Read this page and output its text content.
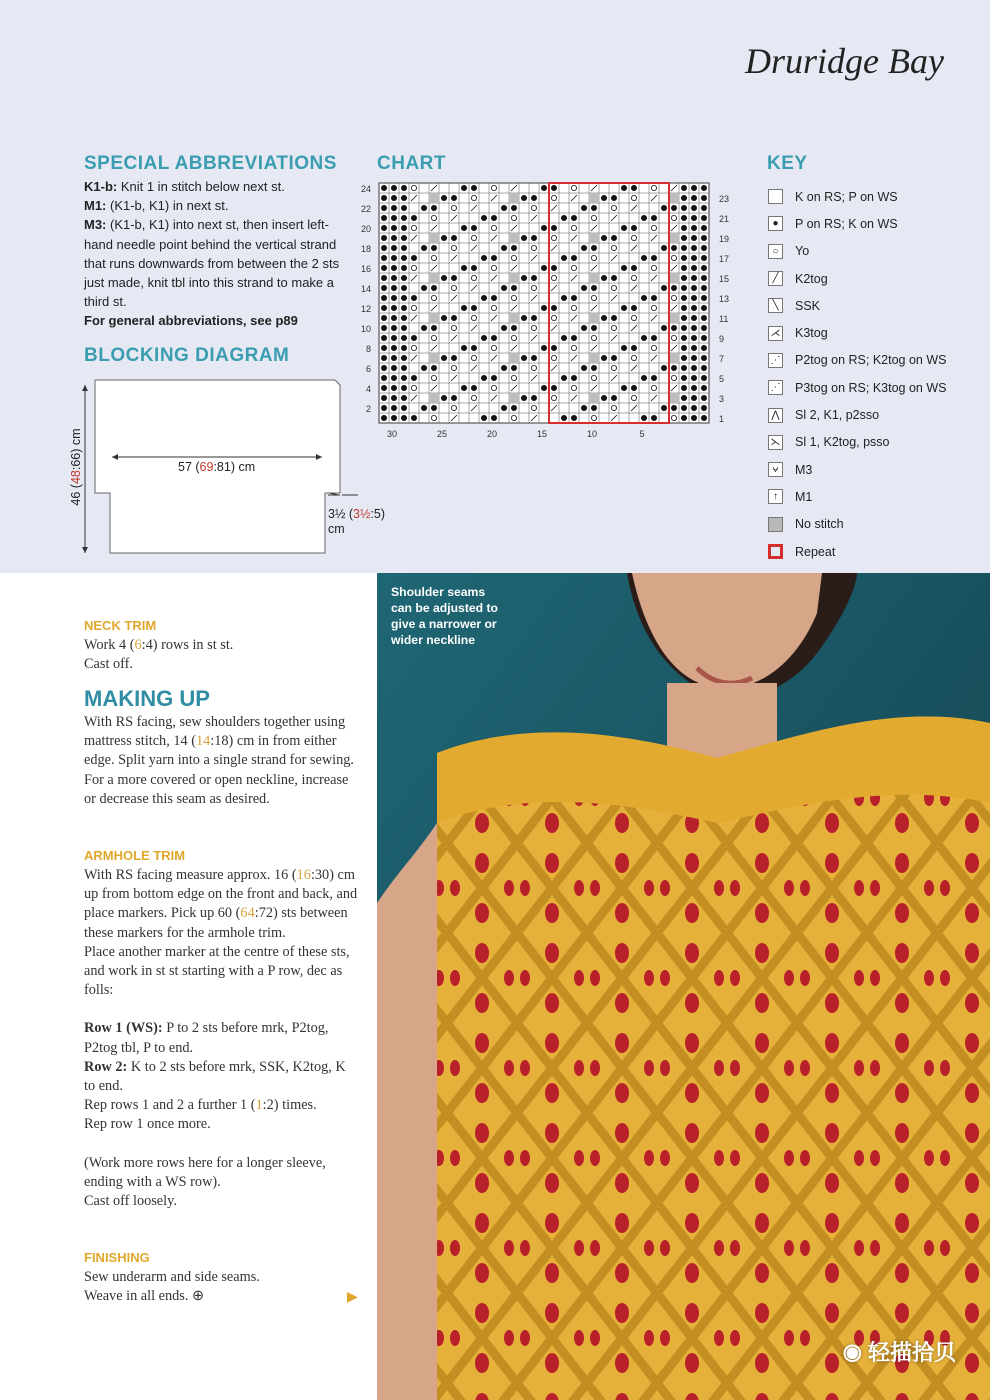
Druridge Bay
SPECIAL ABBREVIATIONS
K1-b: Knit 1 in stitch below next st.
M1: (K1-b, K1) in next st.
M3: (K1-b, K1) into next st, then insert left-hand needle point behind the vertical strand that runs downwards from between the 2 sts just made, knit tbl into this strand to make a third st.
For general abbreviations, see p89
BLOCKING DIAGRAM
57 (69:81) cm
46 (48:66) cm
3½ (3½:5)
cm
CHART
24
22
20
18
16
14
12
10
8
6
4
2
23
21
19
17
15
13
11
9
7
5
3
1
30	25	20	15	10	5
KEY
K on RS; P on WS
●	P on RS; K on WS
○	Yo
╱	K2tog
╲	SSK
⋌ K3tog
⋰ P2tog on RS; K2tog on WS
⋰ P3tog on RS; K3tog on WS
⋀ Sl 2, K1, p2sso
⋋ Sl 1, K2tog, psso
⩝	M3
↑	M1
No stitch
Repeat
NECK TRIM
Work 4 (6:4) rows in st st.
Cast off.
MAKING UP
With RS facing, sew shoulders together using mattress stitch, 14 (14:18) cm in from either edge. Split yarn into a single strand for sewing.
For a more covered or open neckline, increase or decrease this seam as desired.
ARMHOLE TRIM
With RS facing measure approx. 16 (16:30) cm up from bottom edge on the front and back, and place markers. Pick up 60 (64:72) sts between these markers for the armhole trim.
Place another marker at the centre of these sts, and work in st st starting with a P row, dec as folls:
Row 1 (WS): P to 2 sts before mrk, P2tog, P2tog tbl, P to end.
Row 2: K to 2 sts before mrk, SSK, K2tog, K to end.
Rep rows 1 and 2 a further 1 (1:2) times.
Rep row 1 once more.
(Work more rows here for a longer sleeve, ending with a WS row).
Cast off loosely.
FINISHING
Sew underarm and side seams.
Weave in all ends. ⊕	▶
Shoulder seams can be adjusted to give a narrower or wider neckline
◉ 轻描拾贝
